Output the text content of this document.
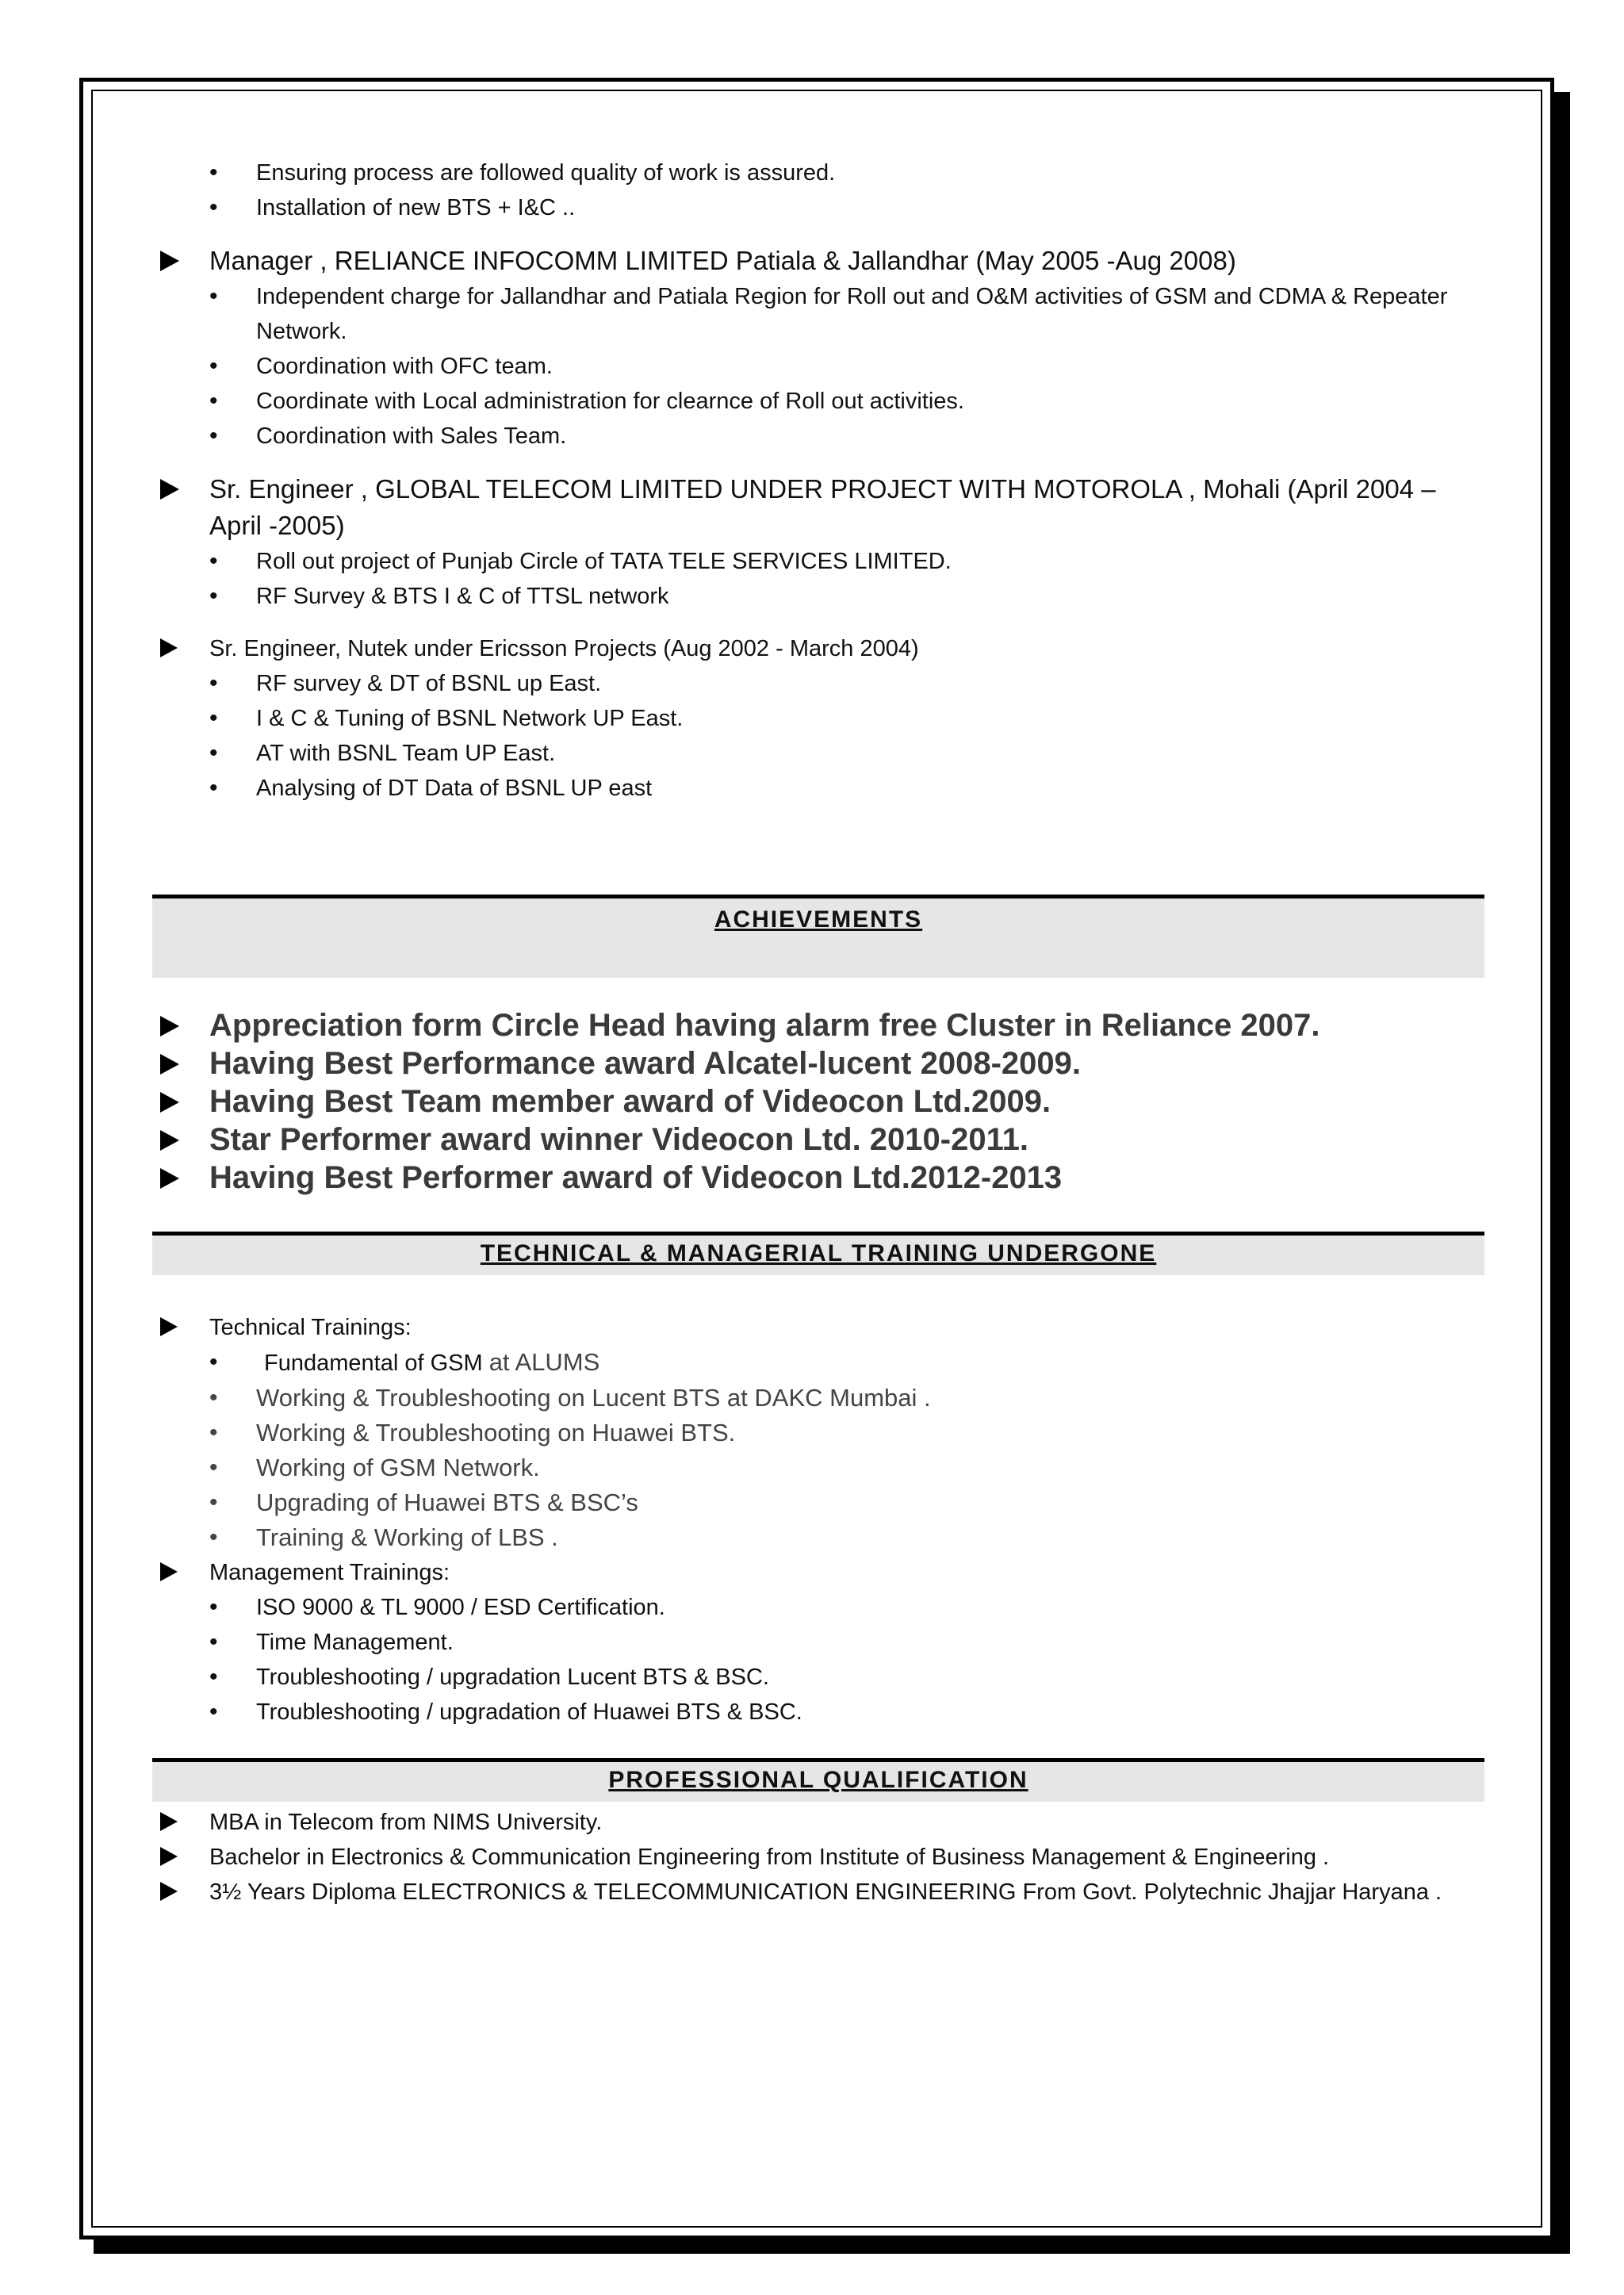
• Ensuring process are followed quality of work is assured.
• Installation of new BTS + I&C ..
Manager , RELIANCE INFOCOMM LIMITED Patiala & Jallandhar (May 2005 -Aug 2008)
• Independent charge for Jallandhar and Patiala Region for Roll out and O&M activities of GSM and CDMA & Repeater Network.
• Coordination with OFC team.
• Coordinate with Local administration for clearnce of Roll out activities.
• Coordination with Sales Team.
Sr. Engineer , GLOBAL TELECOM LIMITED UNDER PROJECT WITH MOTOROLA , Mohali (April 2004 – April -2005)
• Roll out project of Punjab Circle of TATA TELE SERVICES LIMITED.
• RF Survey & BTS I & C of TTSL network
Sr. Engineer, Nutek under Ericsson Projects (Aug 2002 - March 2004)
• RF survey & DT of BSNL up East.
• I & C & Tuning of BSNL Network UP East.
• AT with BSNL Team UP East.
• Analysing of DT Data of BSNL UP east
ACHIEVEMENTS
Appreciation form Circle Head having alarm free Cluster in Reliance 2007.
Having Best Performance award Alcatel-lucent 2008-2009.
Having Best Team member award of Videocon Ltd.2009.
Star Performer award winner Videocon Ltd. 2010-2011.
Having Best Performer award of Videocon Ltd.2012-2013
TECHNICAL & MANAGERIAL TRAINING UNDERGONE
Technical Trainings:
• Fundamental of GSM at ALUMS
• Working & Troubleshooting on Lucent BTS at DAKC Mumbai .
• Working & Troubleshooting on Huawei BTS.
• Working of GSM Network.
• Upgrading of Huawei BTS & BSC’s
• Training & Working of LBS .
Management Trainings:
• ISO 9000 & TL 9000 / ESD Certification.
• Time Management.
• Troubleshooting / upgradation Lucent BTS & BSC.
• Troubleshooting / upgradation of Huawei BTS & BSC.
PROFESSIONAL QUALIFICATION
MBA in Telecom from NIMS University.
Bachelor in Electronics & Communication Engineering from Institute of Business Management & Engineering .
3½ Years Diploma ELECTRONICS & TELECOMMUNICATION ENGINEERING From Govt. Polytechnic Jhajjar Haryana .
